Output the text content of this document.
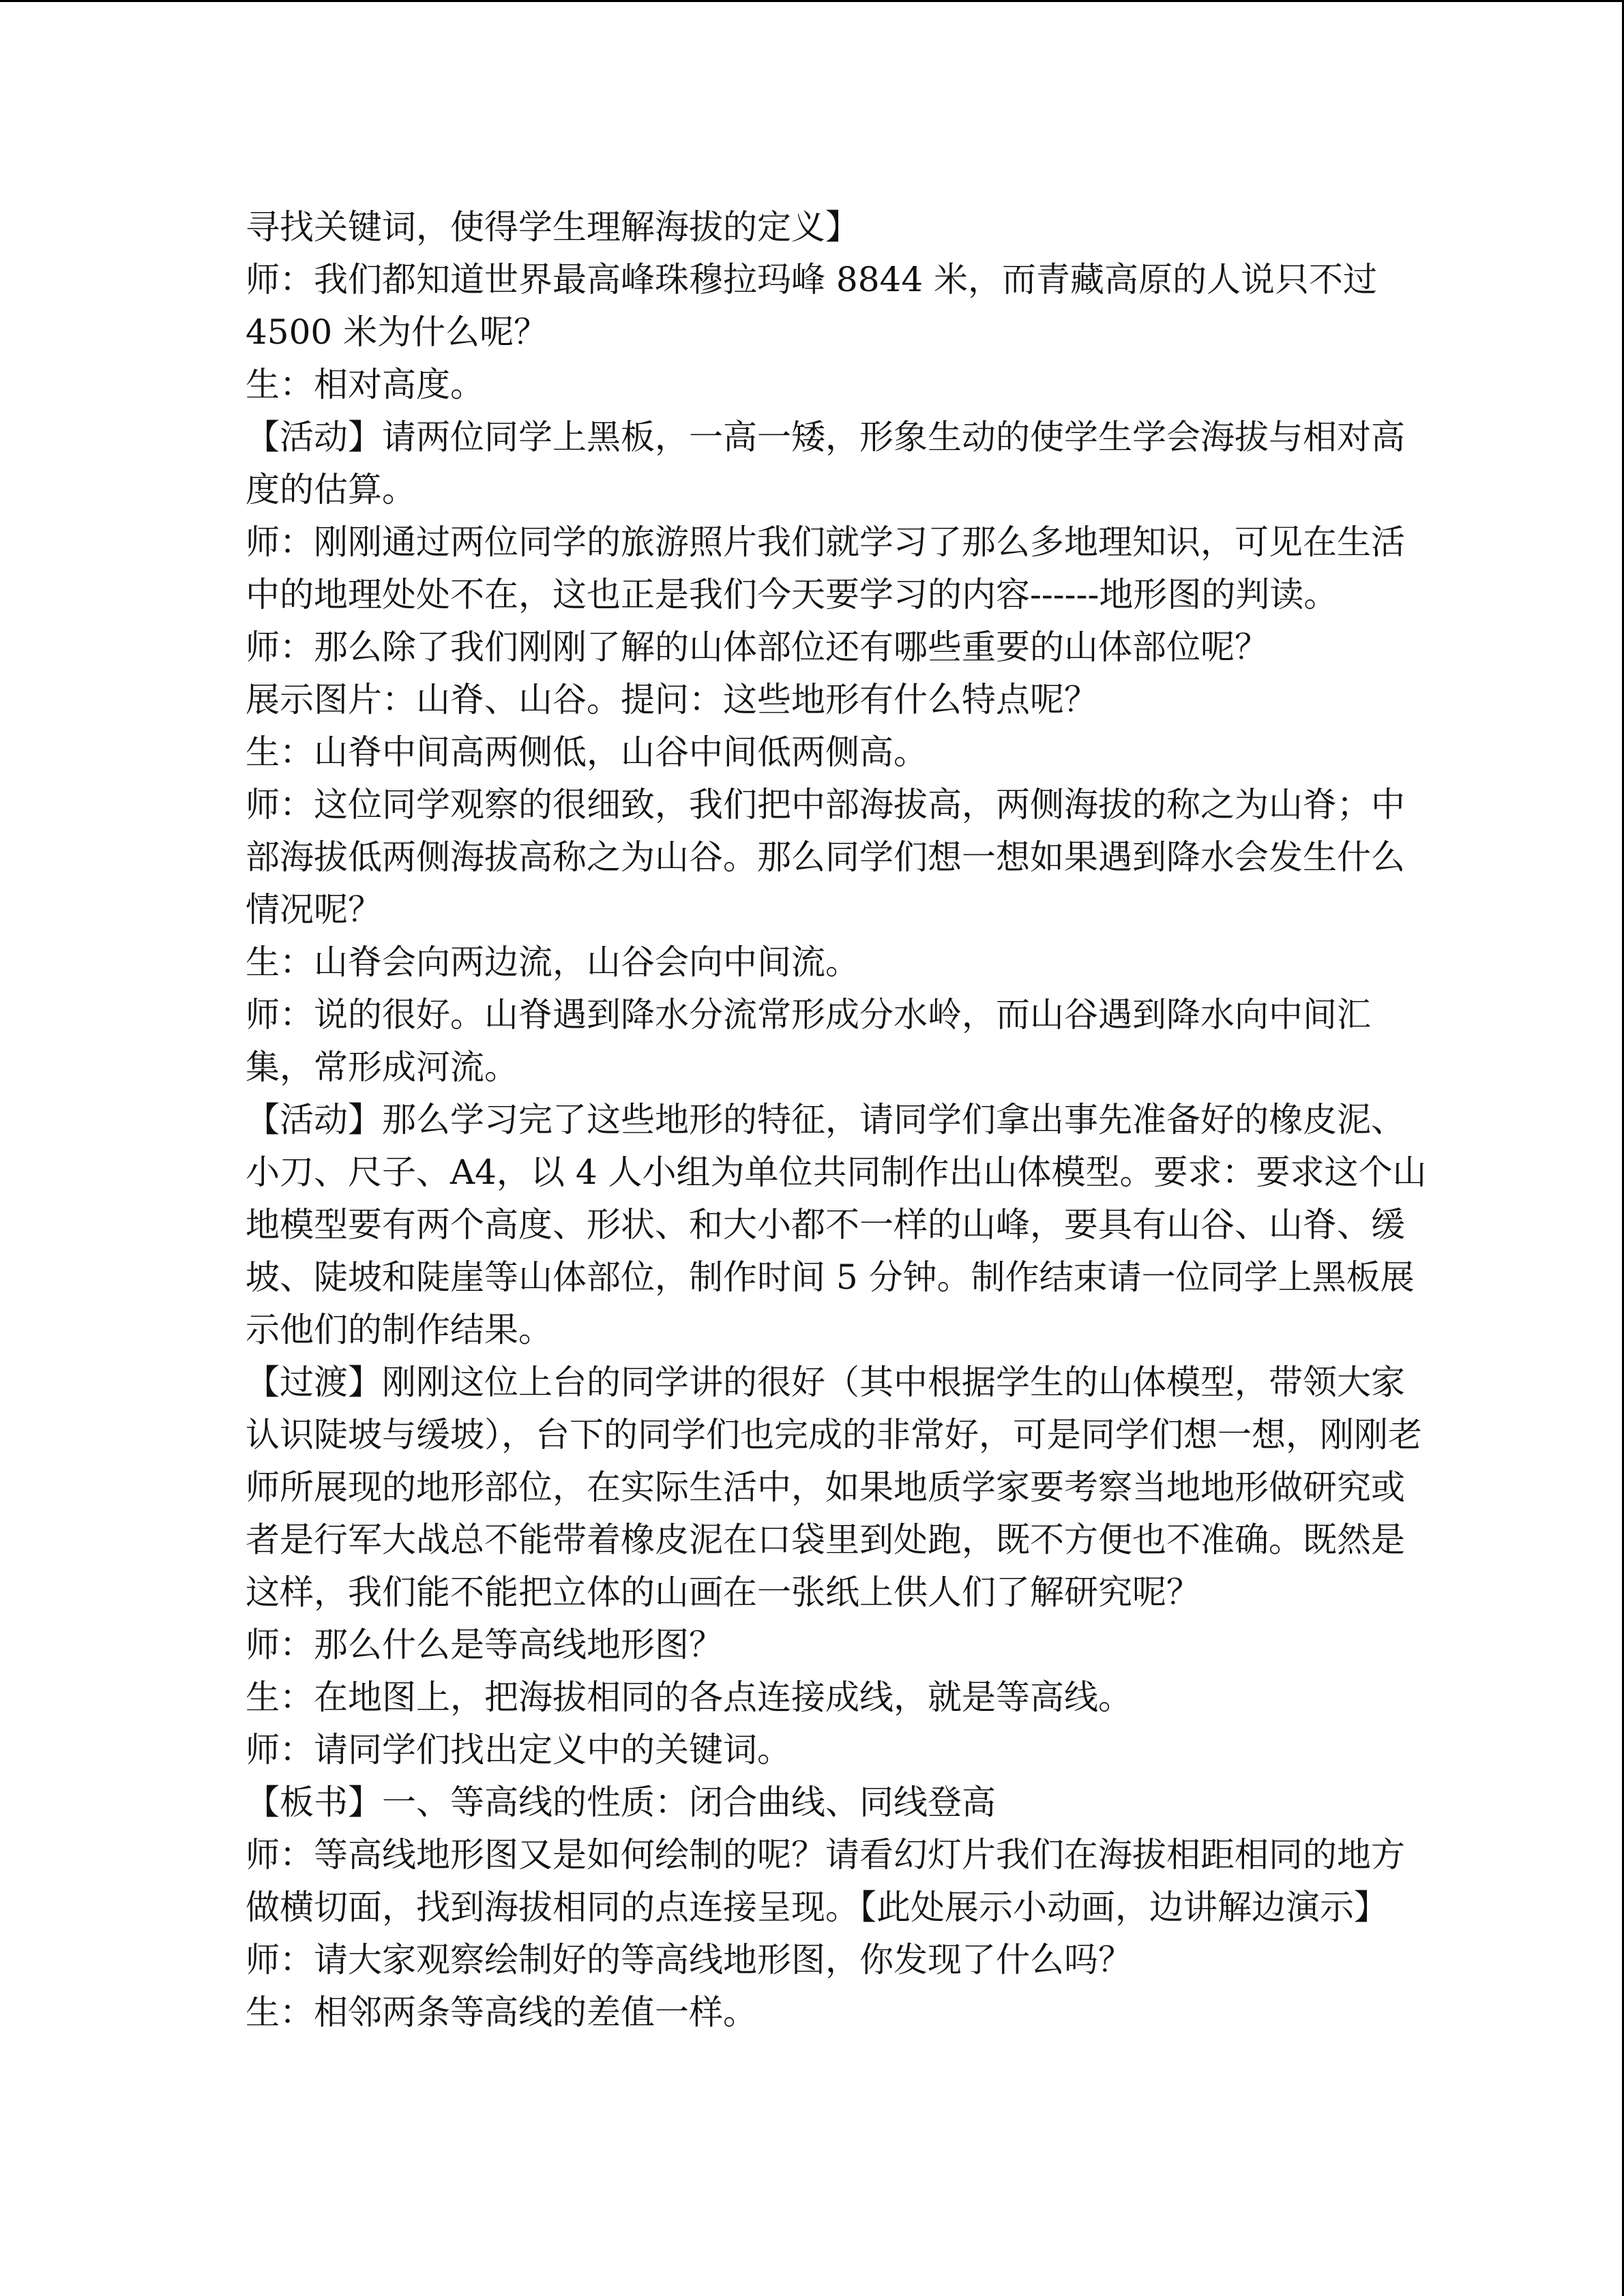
寻找关键词，使得学生理解海拔的定义】
师：我们都知道世界最高峰珠穆拉玛峰 8844 米，而青藏高原的人说只不过
4500 米为什么呢？
生：相对高度。
【活动】请两位同学上黑板，一高一矮，形象生动的使学生学会海拔与相对高
度的估算。
师：刚刚通过两位同学的旅游照片我们就学习了那么多地理知识，可见在生活
中的地理处处不在，这也正是我们今天要学习的内容------地形图的判读。
师：那么除了我们刚刚了解的山体部位还有哪些重要的山体部位呢？
展示图片：山脊、山谷。提问：这些地形有什么特点呢？
生：山脊中间高两侧低，山谷中间低两侧高。
师：这位同学观察的很细致，我们把中部海拔高，两侧海拔的称之为山脊；中
部海拔低两侧海拔高称之为山谷。那么同学们想一想如果遇到降水会发生什么
情况呢？
生：山脊会向两边流，山谷会向中间流。
师：说的很好。山脊遇到降水分流常形成分水岭，而山谷遇到降水向中间汇
集，常形成河流。
【活动】那么学习完了这些地形的特征，请同学们拿出事先准备好的橡皮泥、
小刀、尺子、A4，以 4 人小组为单位共同制作出山体模型。要求：要求这个山
地模型要有两个高度、形状、和大小都不一样的山峰，要具有山谷、山脊、缓
坡、陡坡和陡崖等山体部位，制作时间 5 分钟。制作结束请一位同学上黑板展
示他们的制作结果。
【过渡】刚刚这位上台的同学讲的很好（其中根据学生的山体模型，带领大家
认识陡坡与缓坡），台下的同学们也完成的非常好，可是同学们想一想，刚刚老
师所展现的地形部位，在实际生活中，如果地质学家要考察当地地形做研究或
者是行军大战总不能带着橡皮泥在口袋里到处跑，既不方便也不准确。既然是
这样，我们能不能把立体的山画在一张纸上供人们了解研究呢？
师：那么什么是等高线地形图？
生：在地图上，把海拔相同的各点连接成线，就是等高线。
师：请同学们找出定义中的关键词。
【板书】一、等高线的性质：闭合曲线、同线登高
师：等高线地形图又是如何绘制的呢？请看幻灯片我们在海拔相距相同的地方
做横切面，找到海拔相同的点连接呈现。【此处展示小动画，边讲解边演示】
师：请大家观察绘制好的等高线地形图，你发现了什么吗？
生：相邻两条等高线的差值一样。
